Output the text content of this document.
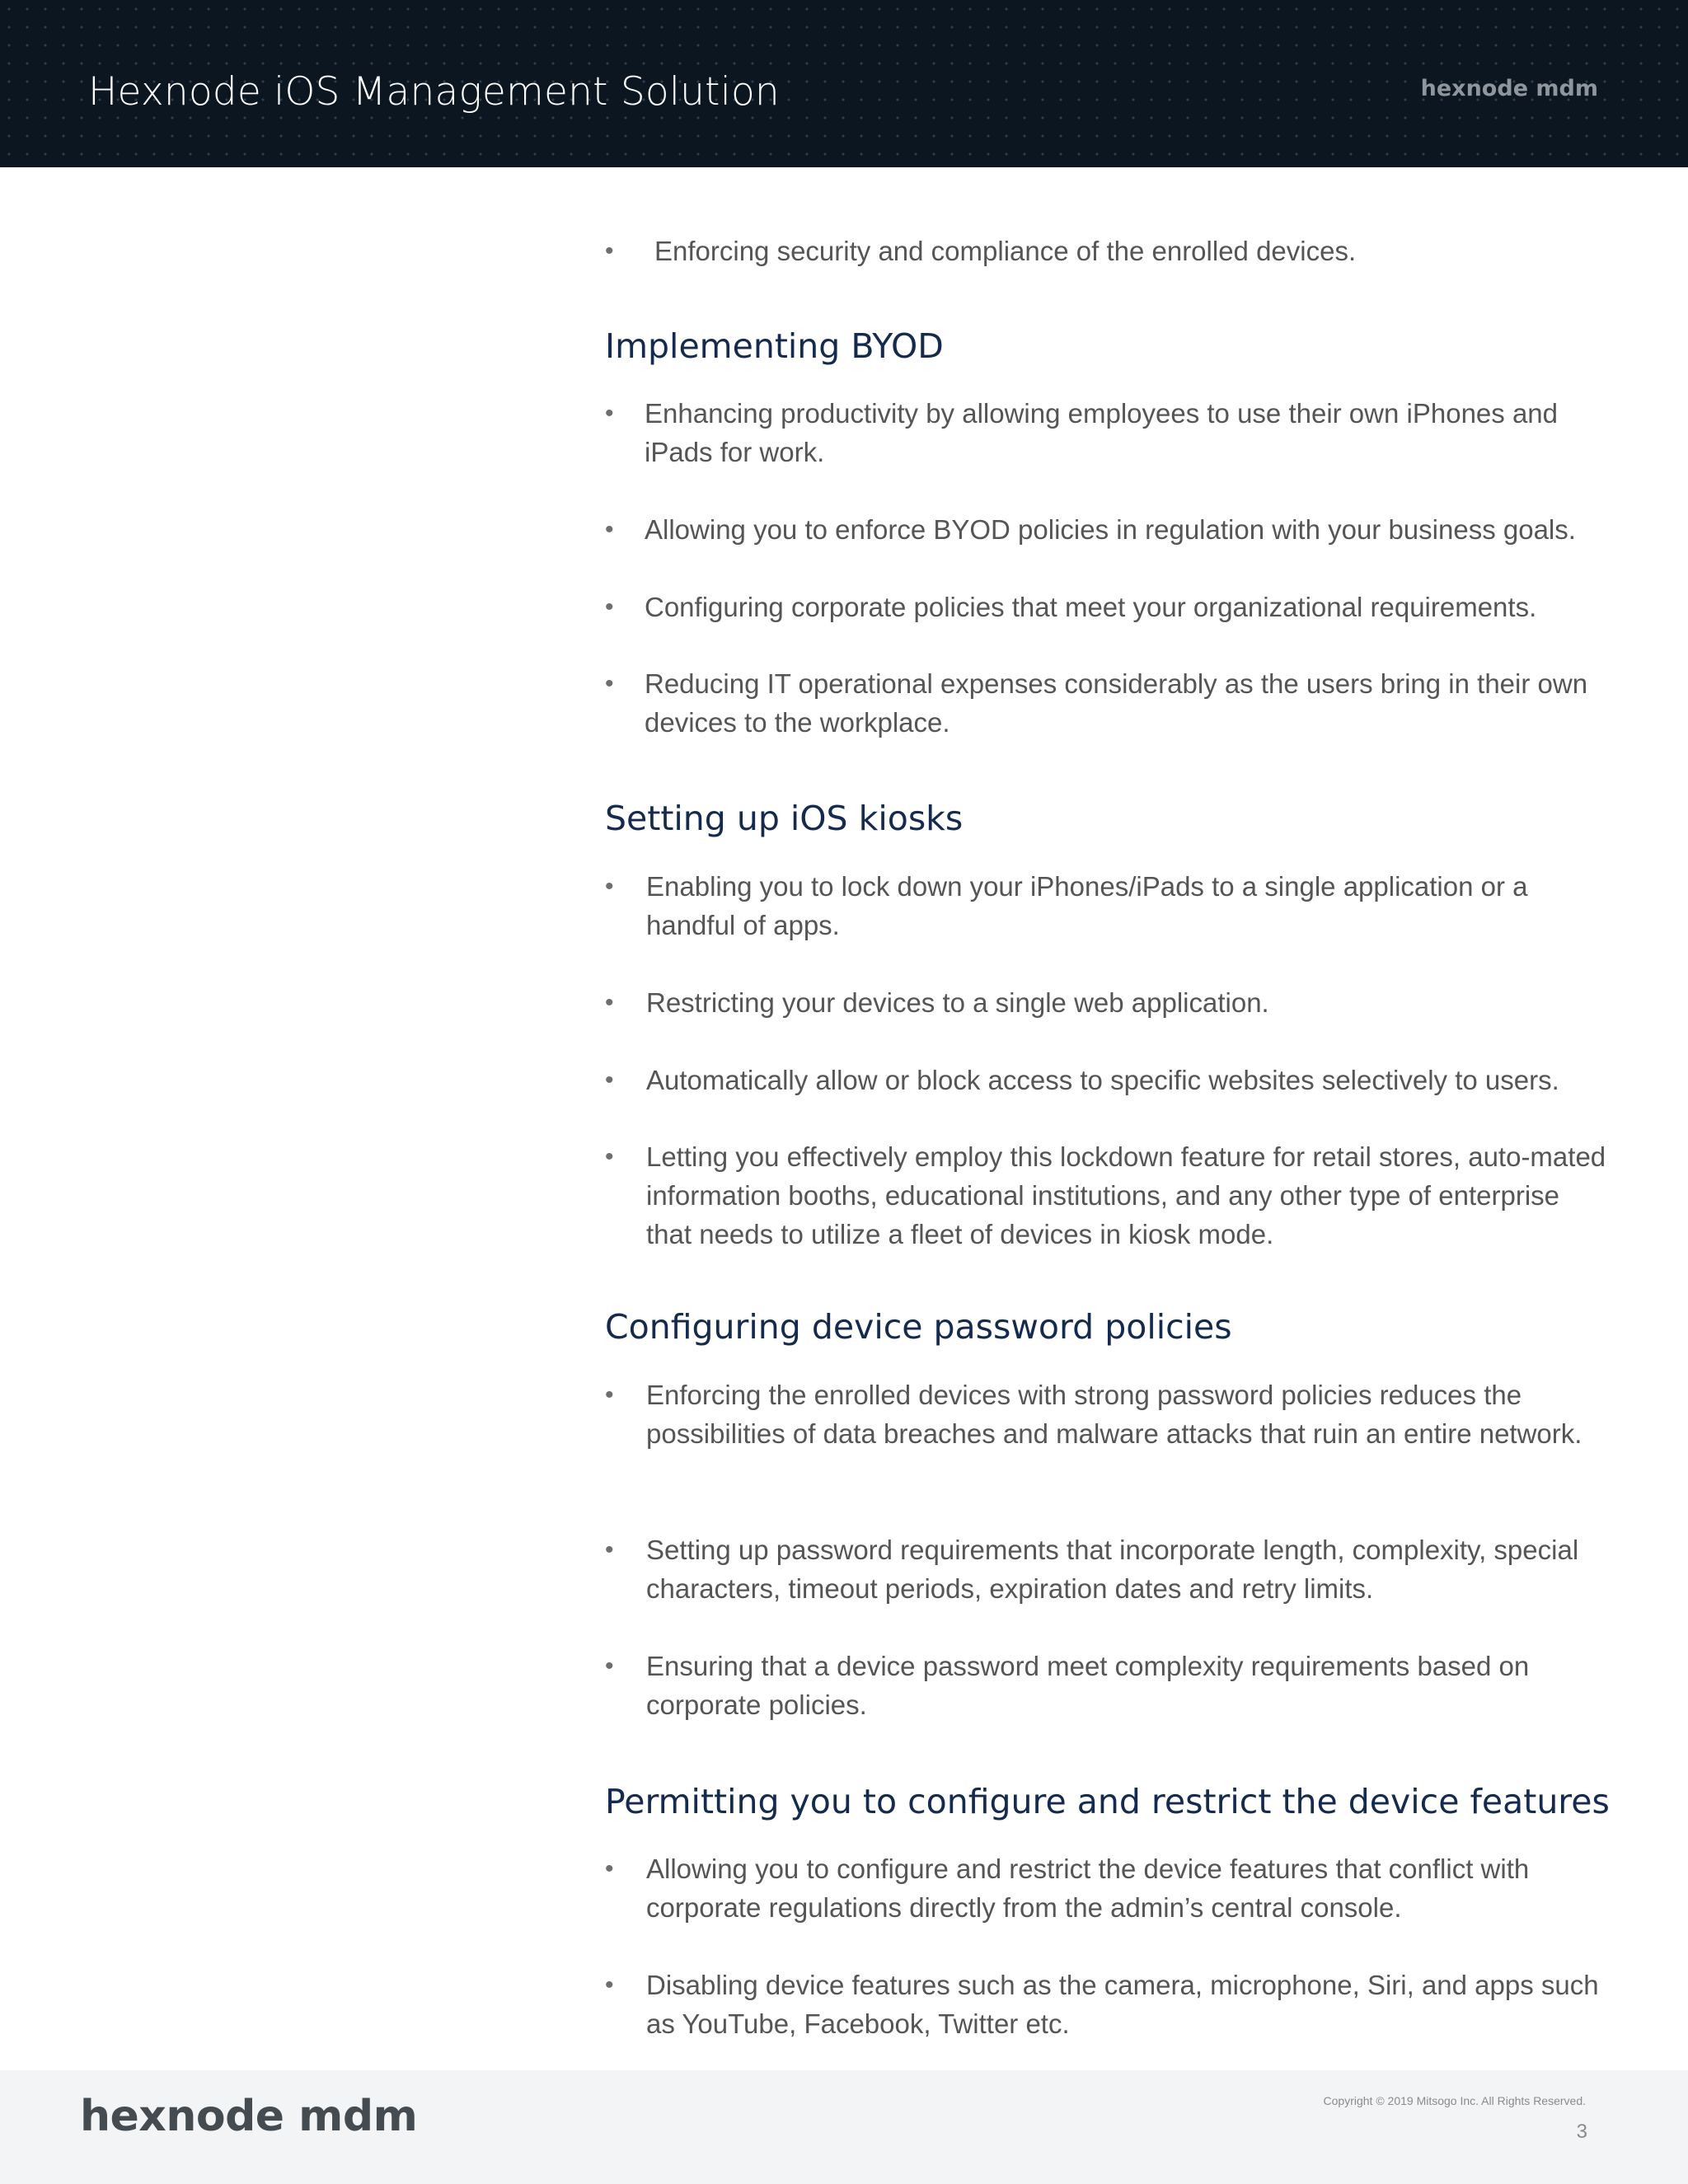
Hexnode iOS Management Solution	hexnode mdm
• Enforcing security and compliance of the enrolled devices.
Implementing BYOD
• Enhancing productivity by allowing employees to use their own iPhones and iPads for work.
• Allowing you to enforce BYOD policies in regulation with your business goals.
• Configuring corporate policies that meet your organizational requirements.
• Reducing IT operational expenses considerably as the users bring in their own devices to the workplace.
Setting up iOS kiosks
• Enabling you to lock down your iPhones/iPads to a single application or a handful of apps.
• Restricting your devices to a single web application.
• Automatically allow or block access to specific websites selectively to users.
• Letting you effectively employ this lockdown feature for retail stores, auto-mated information booths, educational institutions, and any other type of enterprise that needs to utilize a fleet of devices in kiosk mode.
Configuring device password policies
• Enforcing the enrolled devices with strong password policies reduces the possibilities of data breaches and malware attacks that ruin an entire network.
• Setting up password requirements that incorporate length, complexity, special characters, timeout periods, expiration dates and retry limits.
• Ensuring that a device password meet complexity requirements based on corporate policies.
Permitting you to configure and restrict the device features
• Allowing you to configure and restrict the device features that conflict with corporate regulations directly from the admin’s central console.
• Disabling device features such as the camera, microphone, Siri, and apps such as YouTube, Facebook, Twitter etc.
hexnode mdm	Copyright © 2019 Mitsogo Inc. All Rights Reserved.
3
